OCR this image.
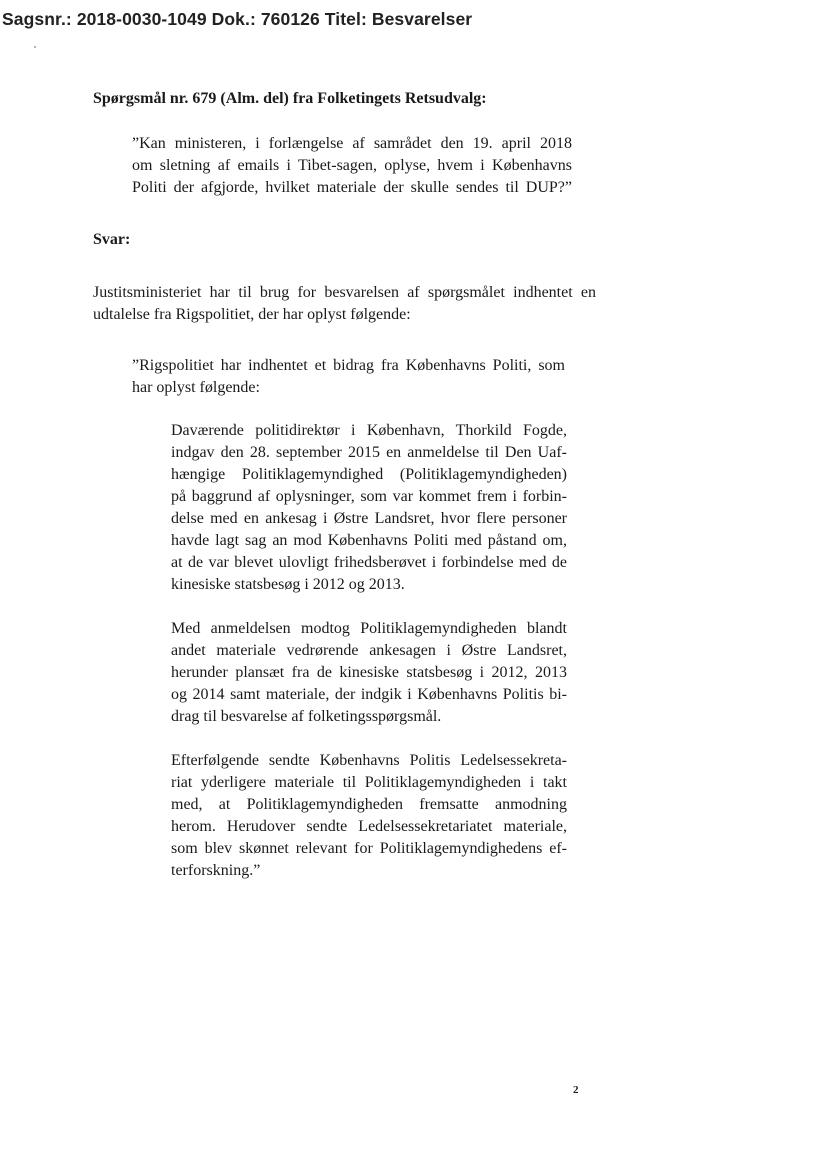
Sagsnr.: 2018-0030-1049 Dok.: 760126 Titel: Besvarelser
Spørgsmål nr. 679 (Alm. del) fra Folketingets Retsudvalg:
”Kan ministeren, i forlængelse af samrådet den 19. april 2018
om sletning af emails i Tibet-sagen, oplyse, hvem i Københavns
Politi der afgjorde, hvilket materiale der skulle sendes til DUP?”
Svar:
Justitsministeriet har til brug for besvarelsen af spørgsmålet indhentet en
udtalelse fra Rigspolitiet, der har oplyst følgende:
”Rigspolitiet har indhentet et bidrag fra Københavns Politi, som
har oplyst følgende:
Daværende politidirektør i København, Thorkild Fogde,
indgav den 28. september 2015 en anmeldelse til Den Uaf-
hængige Politiklagemyndighed (Politiklagemyndigheden)
på baggrund af oplysninger, som var kommet frem i forbin-
delse med en ankesag i Østre Landsret, hvor flere personer
havde lagt sag an mod Københavns Politi med påstand om,
at de var blevet ulovligt frihedsberøvet i forbindelse med de
kinesiske statsbesøg i 2012 og 2013.
Med anmeldelsen modtog Politiklagemyndigheden blandt
andet materiale vedrørende ankesagen i Østre Landsret,
herunder plansæt fra de kinesiske statsbesøg i 2012, 2013
og 2014 samt materiale, der indgik i Københavns Politis bi-
drag til besvarelse af folketingsspørgsmål.
Efterfølgende sendte Københavns Politis Ledelsessekreta-
riat yderligere materiale til Politiklagemyndigheden i takt
med, at Politiklagemyndigheden fremsatte anmodning
herom. Herudover sendte Ledelsessekretariatet materiale,
som blev skønnet relevant for Politiklagemyndighedens ef-
terforskning.”
2
